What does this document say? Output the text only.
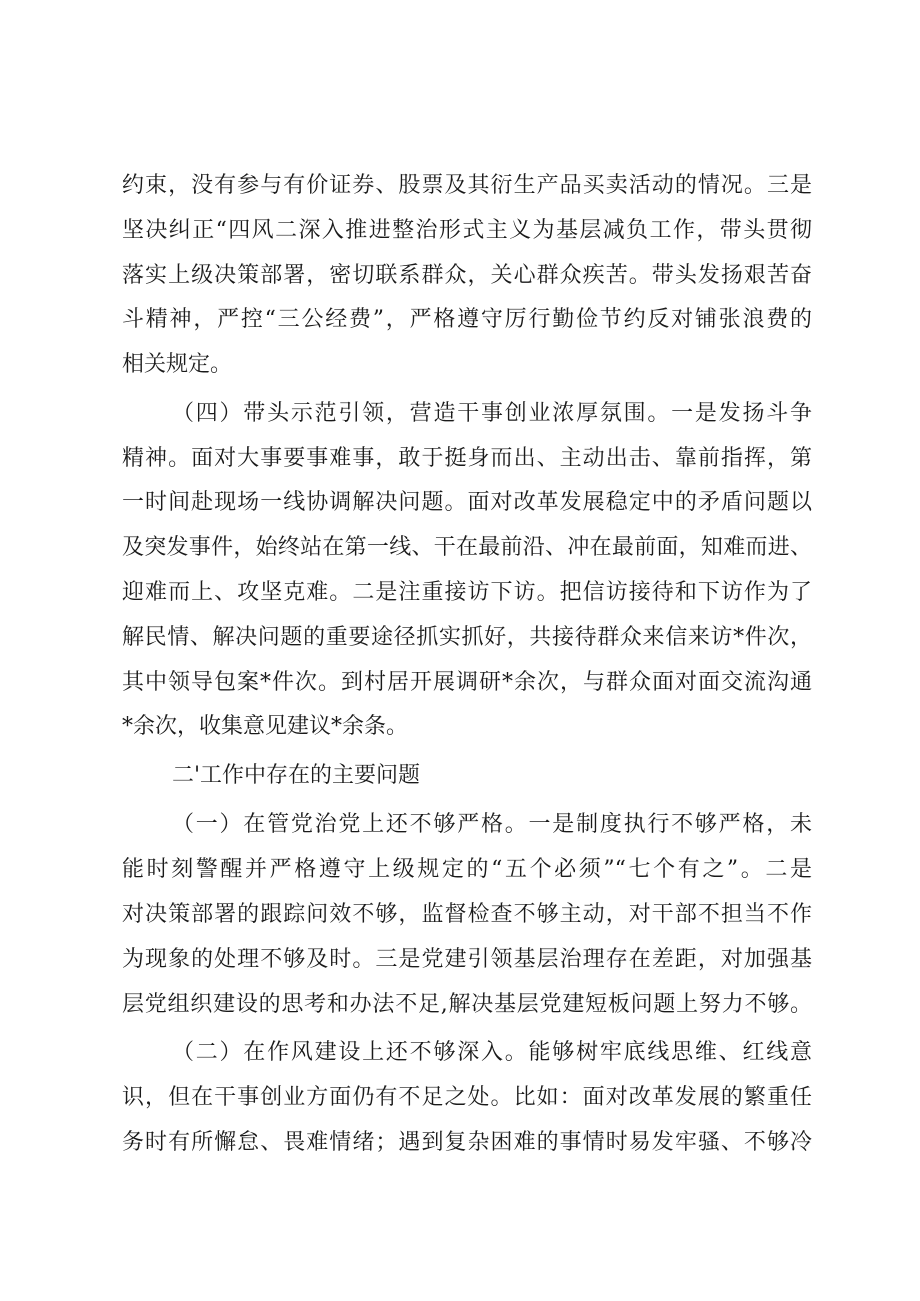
约束，没有参与有价证券、股票及其衍生产品买卖活动的情况。三是
坚决纠正“四风二深入推进整治形式主义为基层减负工作，带头贯彻
落实上级决策部署，密切联系群众，关心群众疾苦。带头发扬艰苦奋
斗精神，严控“三公经费”，严格遵守厉行勤俭节约反对铺张浪费的
相关规定。
（四）带头示范引领，营造干事创业浓厚氛围。一是发扬斗争
精神。面对大事要事难事，敢于挺身而出、主动出击、靠前指挥，第
一时间赴现场一线协调解决问题。面对改革发展稳定中的矛盾问题以
及突发事件，始终站在第一线、干在最前沿、冲在最前面，知难而进、
迎难而上、攻坚克难。二是注重接访下访。把信访接待和下访作为了
解民情、解决问题的重要途径抓实抓好，共接待群众来信来访*件次，
其中领导包案*件次。到村居开展调研*余次，与群众面对面交流沟通
*余次，收集意见建议*余条。
二'工作中存在的主要问题
（一）在管党治党上还不够严格。一是制度执行不够严格，未
能时刻警醒并严格遵守上级规定的“五个必须”“七个有之”。二是
对决策部署的跟踪问效不够，监督检查不够主动，对干部不担当不作
为现象的处理不够及时。三是党建引领基层治理存在差距，对加强基
层党组织建设的思考和办法不足,解决基层党建短板问题上努力不够。
（二）在作风建设上还不够深入。能够树牢底线思维、红线意
识，但在干事创业方面仍有不足之处。比如：面对改革发展的繁重任
务时有所懈怠、畏难情绪；遇到复杂困难的事情时易发牢骚、不够冷
